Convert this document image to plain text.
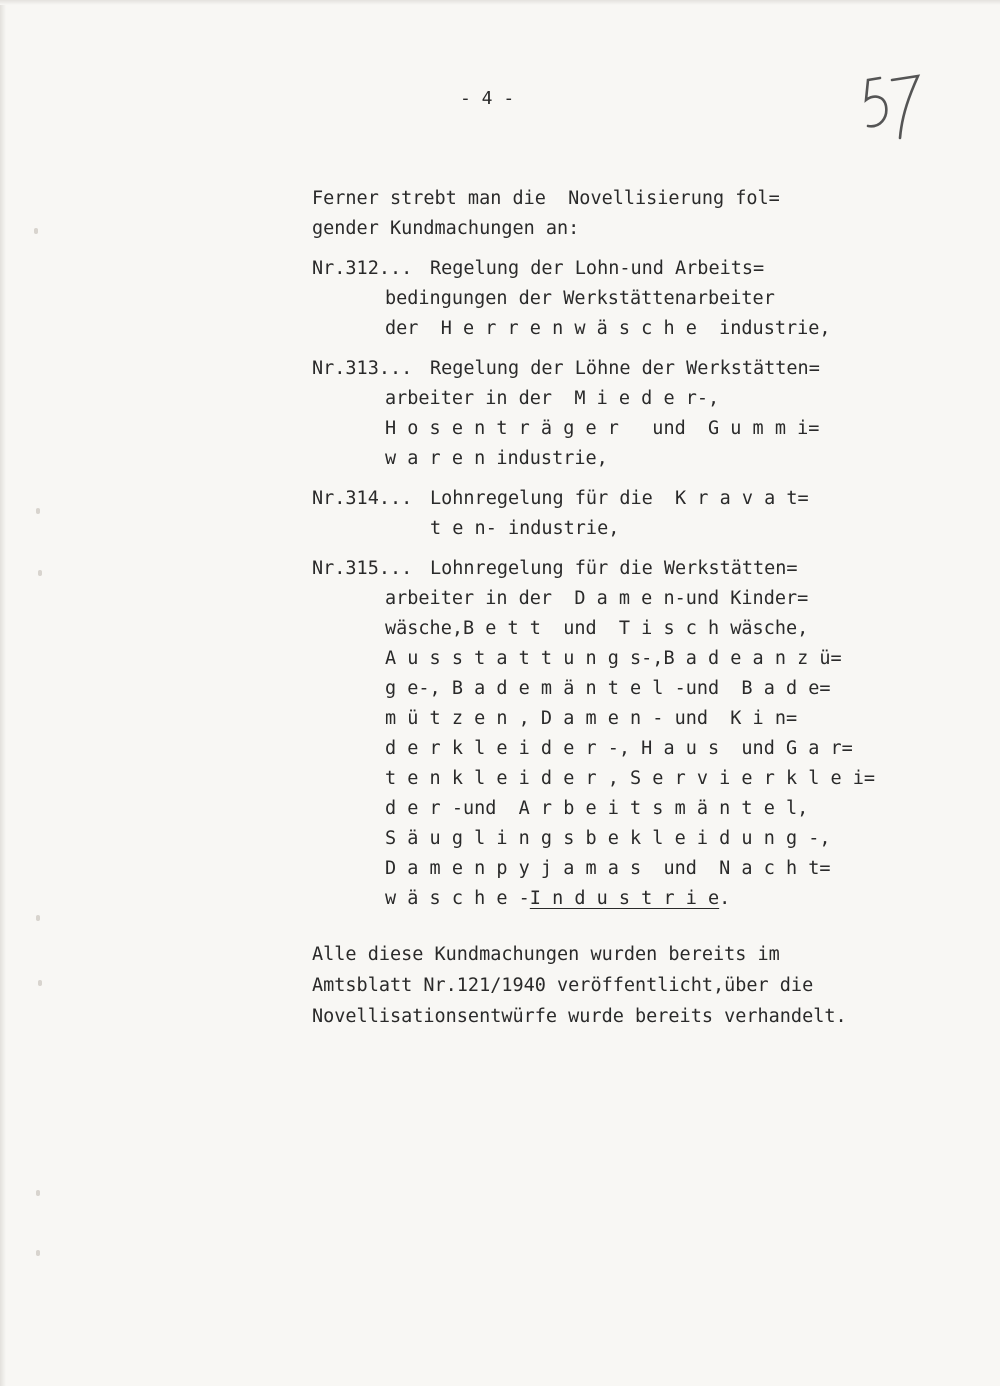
- 4 -
Ferner strebt man die  Novellisierung fol=
gender Kundmachungen an:
Nr.312... Regelung der Lohn-und Arbeits=
bedingungen der Werkstättenarbeiter
der  H e r r e n w ä s c h e  industrie,
Nr.313... Regelung der Löhne der Werkstätten=
arbeiter in der  M i e d e r-,
H o s e n t r ä g e r   und  G u m m i=
w a r e n industrie,
Nr.314... Lohnregelung für die  K r a v a t=
t e n- industrie,
Nr.315... Lohnregelung für die Werkstätten=
arbeiter in der  D a m e n-und Kinder=
wäsche,B e t t  und  T i s c h wäsche,
A u s s t a t t u n g s-,B a d e a n z ü=
g e-, B a d e m ä n t e l -und  B a d e=
m ü t z e n , D a m e n - und  K i n=
d e r k l e i d e r -, H a u s  und G a r=
t e n k l e i d e r , S e r v i e r k l e i=
d e r -und  A r b e i t s m ä n t e l,
S ä u g l i n g s b e k l e i d u n g -,
D a m e n p y j a m a s  und  N a c h t=
w ä s c h e -I n d u s t r i e.
Alle diese Kundmachungen wurden bereits im
Amtsblatt Nr.121/1940 veröffentlicht,über die
Novellisationsentwürfe wurde bereits verhandelt.
